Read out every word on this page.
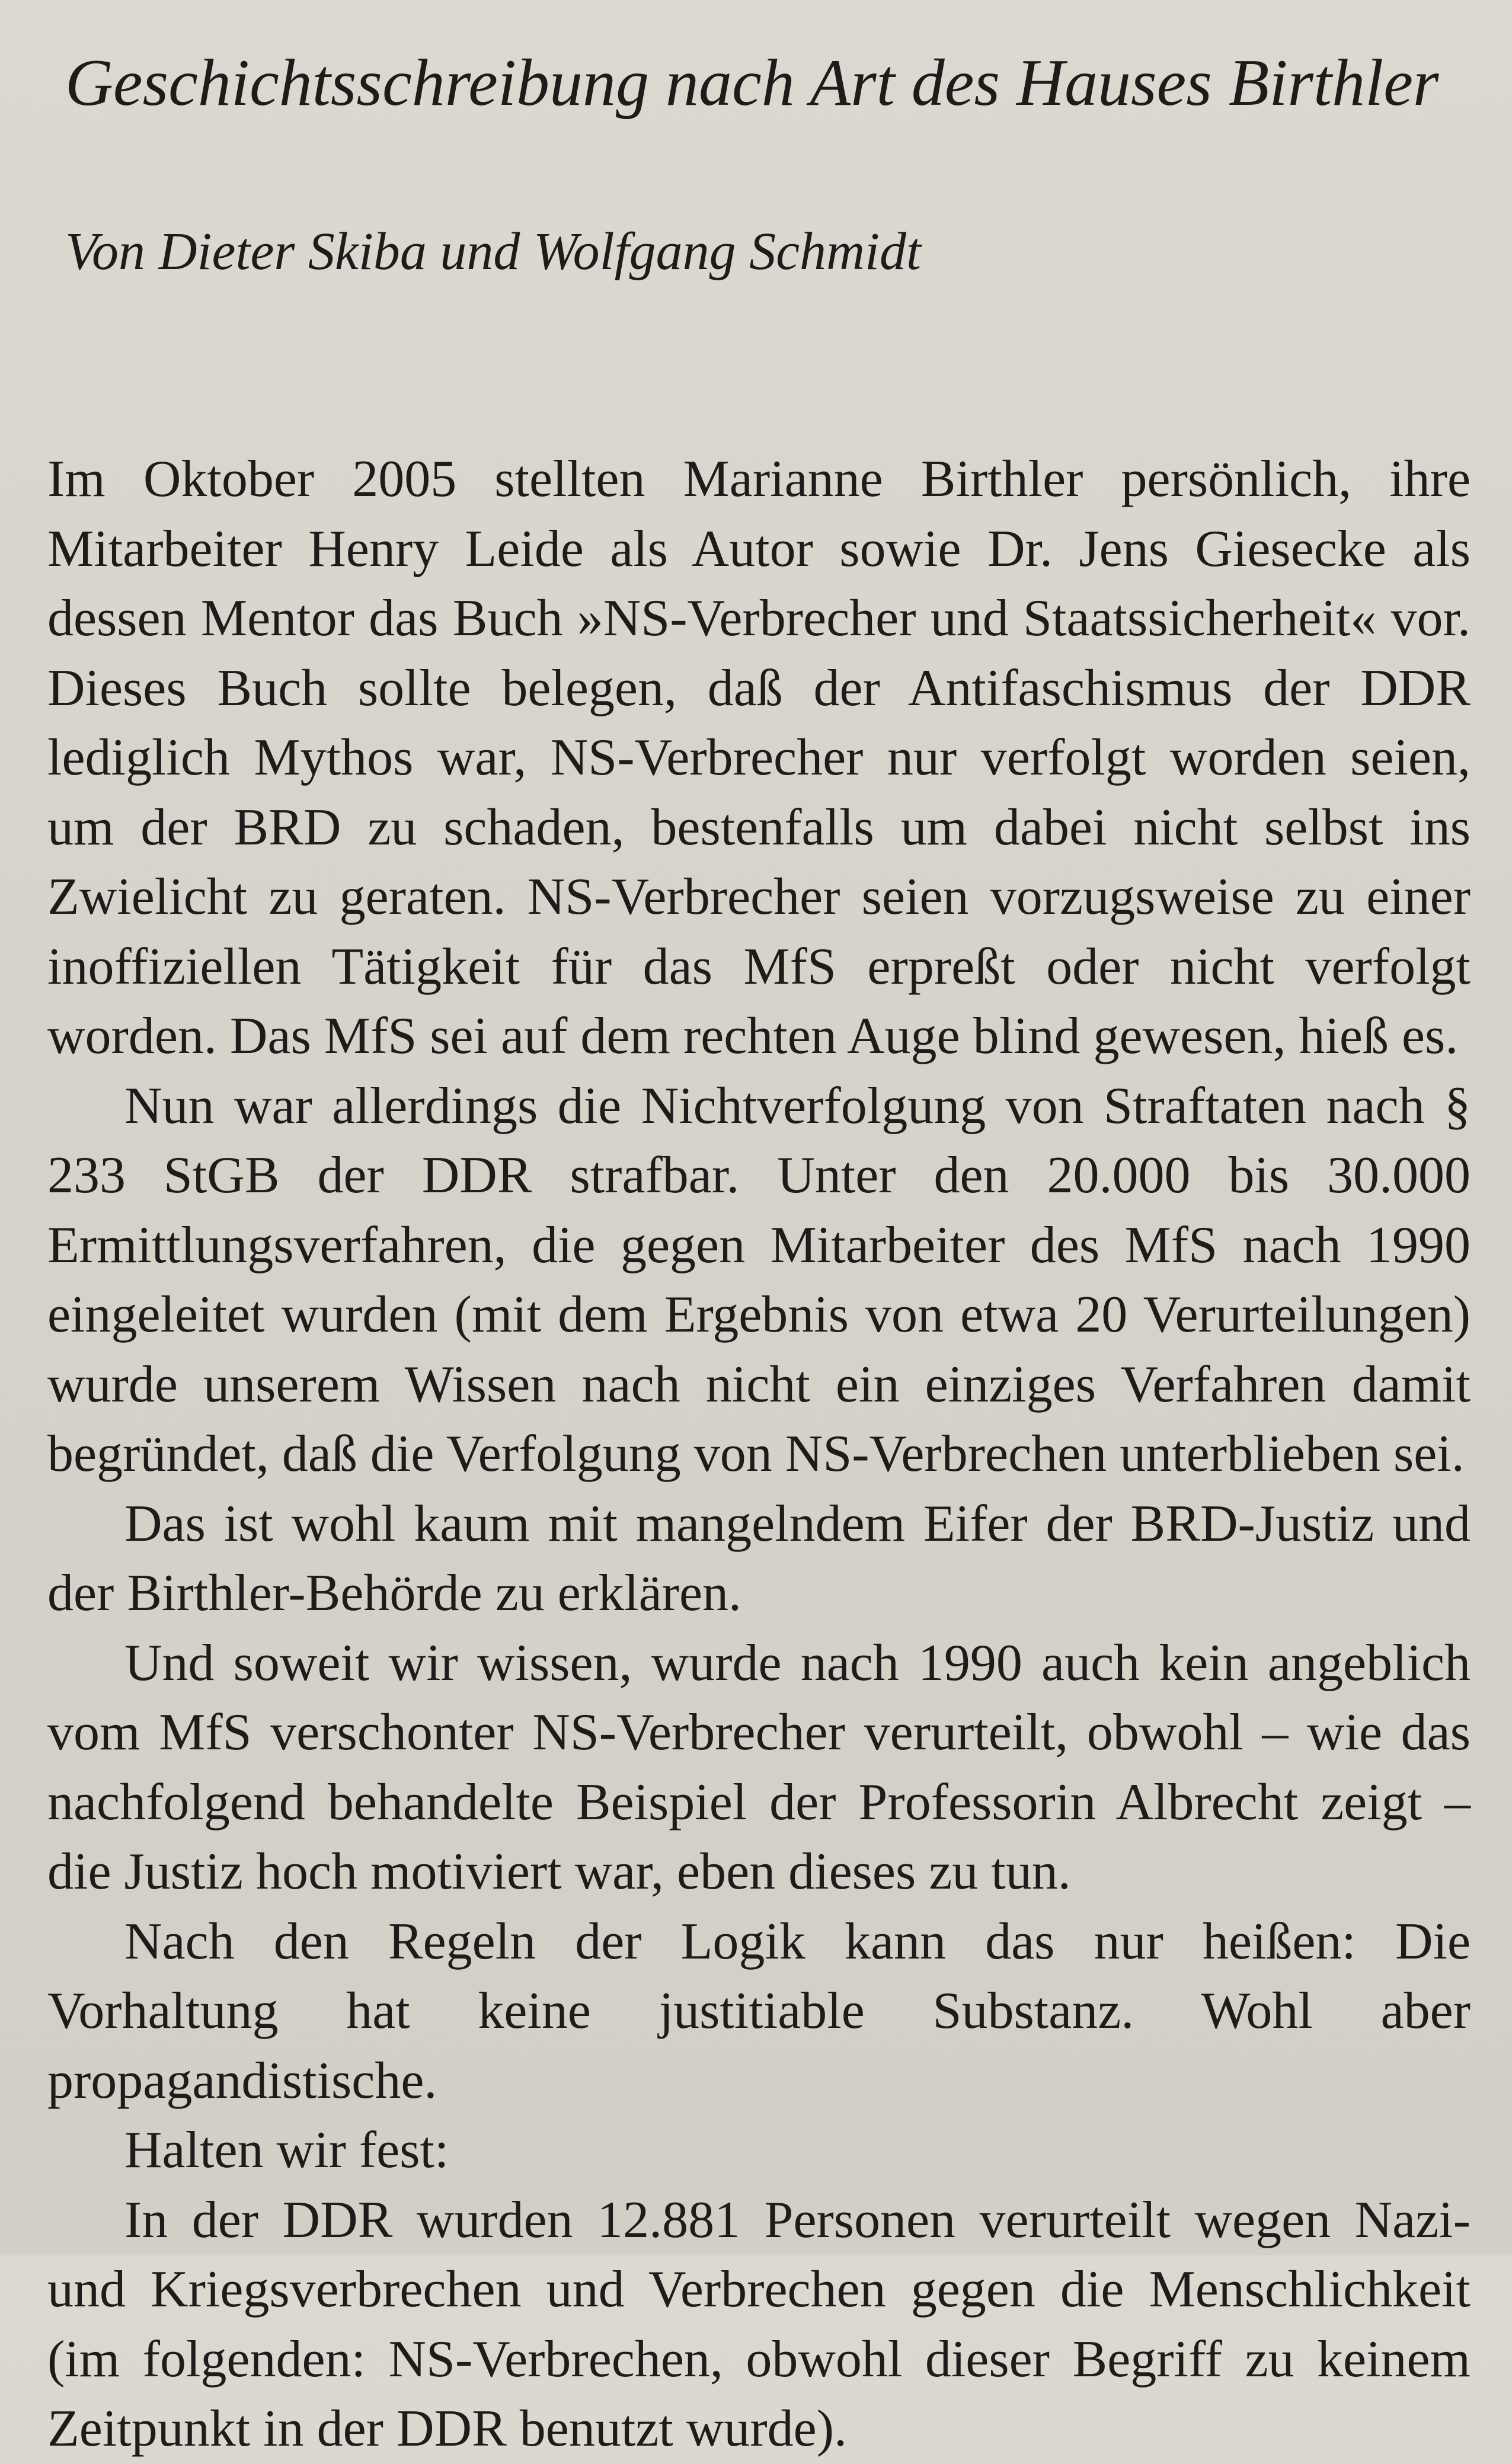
Geschichtsschreibung nach Art des Hauses Birthler
Von Dieter Skiba und Wolfgang Schmidt

Im Oktober 2005 stellten Marianne Birthler persönlich, ihre Mitarbeiter Henry Leide als Autor sowie Dr. Jens Giesecke als dessen Mentor das Buch »NS-Verbrecher und Staatssicherheit« vor. Dieses Buch sollte belegen, daß der Antifaschismus der DDR lediglich Mythos war, NS-Verbrecher nur verfolgt worden seien, um der BRD zu schaden, bestenfalls um dabei nicht selbst ins Zwielicht zu geraten. NS-Verbrecher seien vorzugsweise zu einer inoffiziellen Tätigkeit für das MfS erpreßt oder nicht verfolgt worden. Das MfS sei auf dem rechten Auge blind gewesen, hieß es.

Nun war allerdings die Nichtverfolgung von Straftaten nach § 233 StGB der DDR strafbar. Unter den 20.000 bis 30.000 Ermittlungsverfahren, die gegen Mitarbeiter des MfS nach 1990 eingeleitet wurden (mit dem Ergebnis von etwa 20 Verurteilungen) wurde unserem Wissen nach nicht ein einziges Verfahren damit begründet, daß die Verfolgung von NS-Verbrechen unterblieben sei.

Das ist wohl kaum mit mangelndem Eifer der BRD-Justiz und der Birthler-Behörde zu erklären.

Und soweit wir wissen, wurde nach 1990 auch kein angeblich vom MfS verschonter NS-Verbrecher verurteilt, obwohl – wie das nachfolgend behandelte Beispiel der Professorin Albrecht zeigt – die Justiz hoch motiviert war, eben dieses zu tun.

Nach den Regeln der Logik kann das nur heißen: Die Vorhaltung hat keine justitiable Substanz. Wohl aber propagandistische.

Halten wir fest:

In der DDR wurden 12.881 Personen verurteilt wegen Nazi- und Kriegsverbrechen und Verbrechen gegen die Menschlichkeit (im folgenden: NS-Verbrechen, obwohl dieser Begriff zu keinem Zeitpunkt in der DDR benutzt wurde).
